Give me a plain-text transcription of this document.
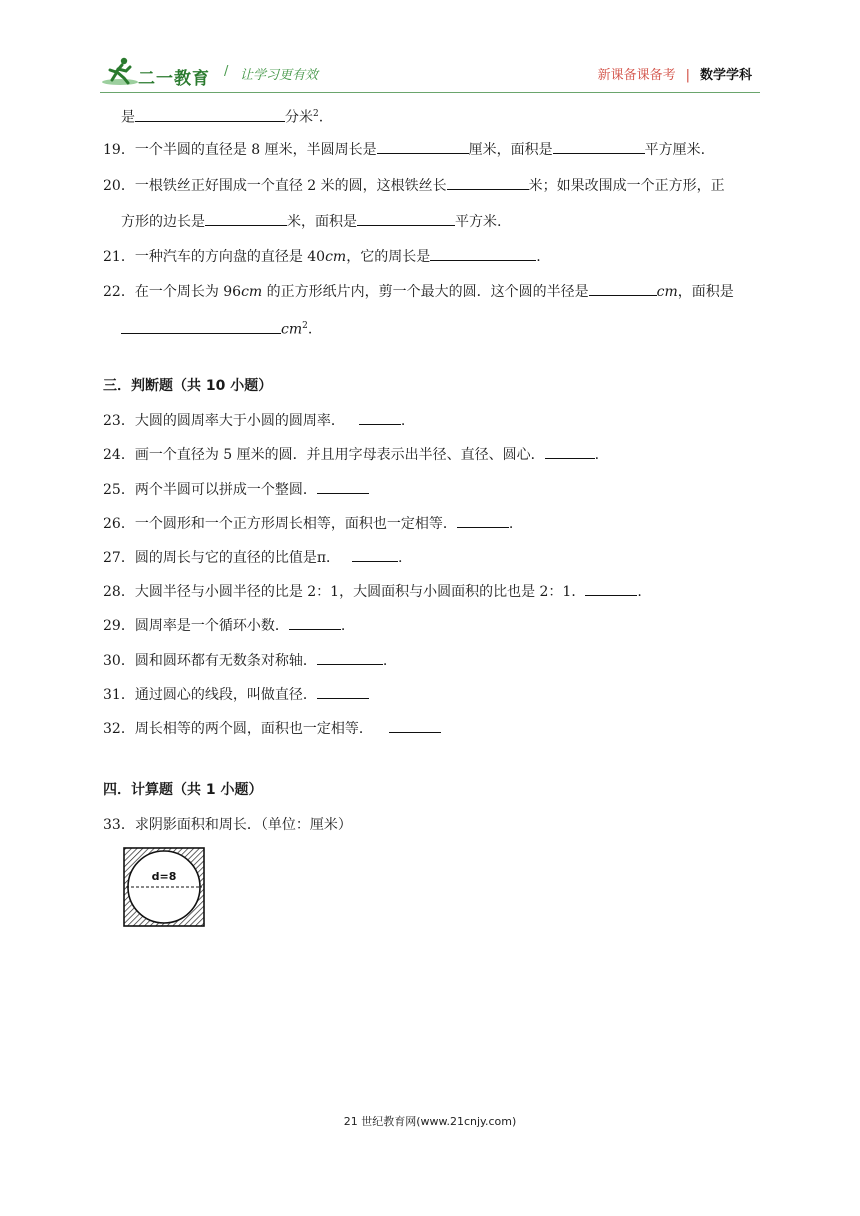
二一教育 / 让学习更有效	新课备课备考 | 数学学科
是	分米$^2$.
19．一个半圆的直径是 8 厘米，半圆周长是	厘米，面积是	平方厘米.
20．一根铁丝正好围成一个直径 2 米的圆，这根铁丝长	米；如果改围成一个正方形，正
方形的边长是	米，面积是	平方米.
21．一种汽车的方向盘的直径是 40cm，它的周长是	.
22．在一个周长为 96cm 的正方形纸片内，剪一个最大的圆．这个圆的半径是	cm，面积是
$cm^2$.
三．判断题（共 10 小题）
23．大圆的圆周率大于小圆的圆周率．	.
24．画一个直径为 5 厘米的圆．并且用字母表示出半径、直径、圆心．	.
25．两个半圆可以拼成一个整圆．
26．一个圆形和一个正方形周长相等，面积也一定相等．	.
27．圆的周长与它的直径的比值是π．	.
28．大圆半径与小圆半径的比是 2：1，大圆面积与小圆面积的比也是 2：1．	.
29．圆周率是一个循环小数．	.
30．圆和圆环都有无数条对称轴．	.
31．通过圆心的线段，叫做直径．
32．周长相等的两个圆，面积也一定相等．
四．计算题（共 1 小题）
33．求阴影面积和周长．（单位：厘米）
d=8
21 世纪教育网(www.21cnjy.com)
